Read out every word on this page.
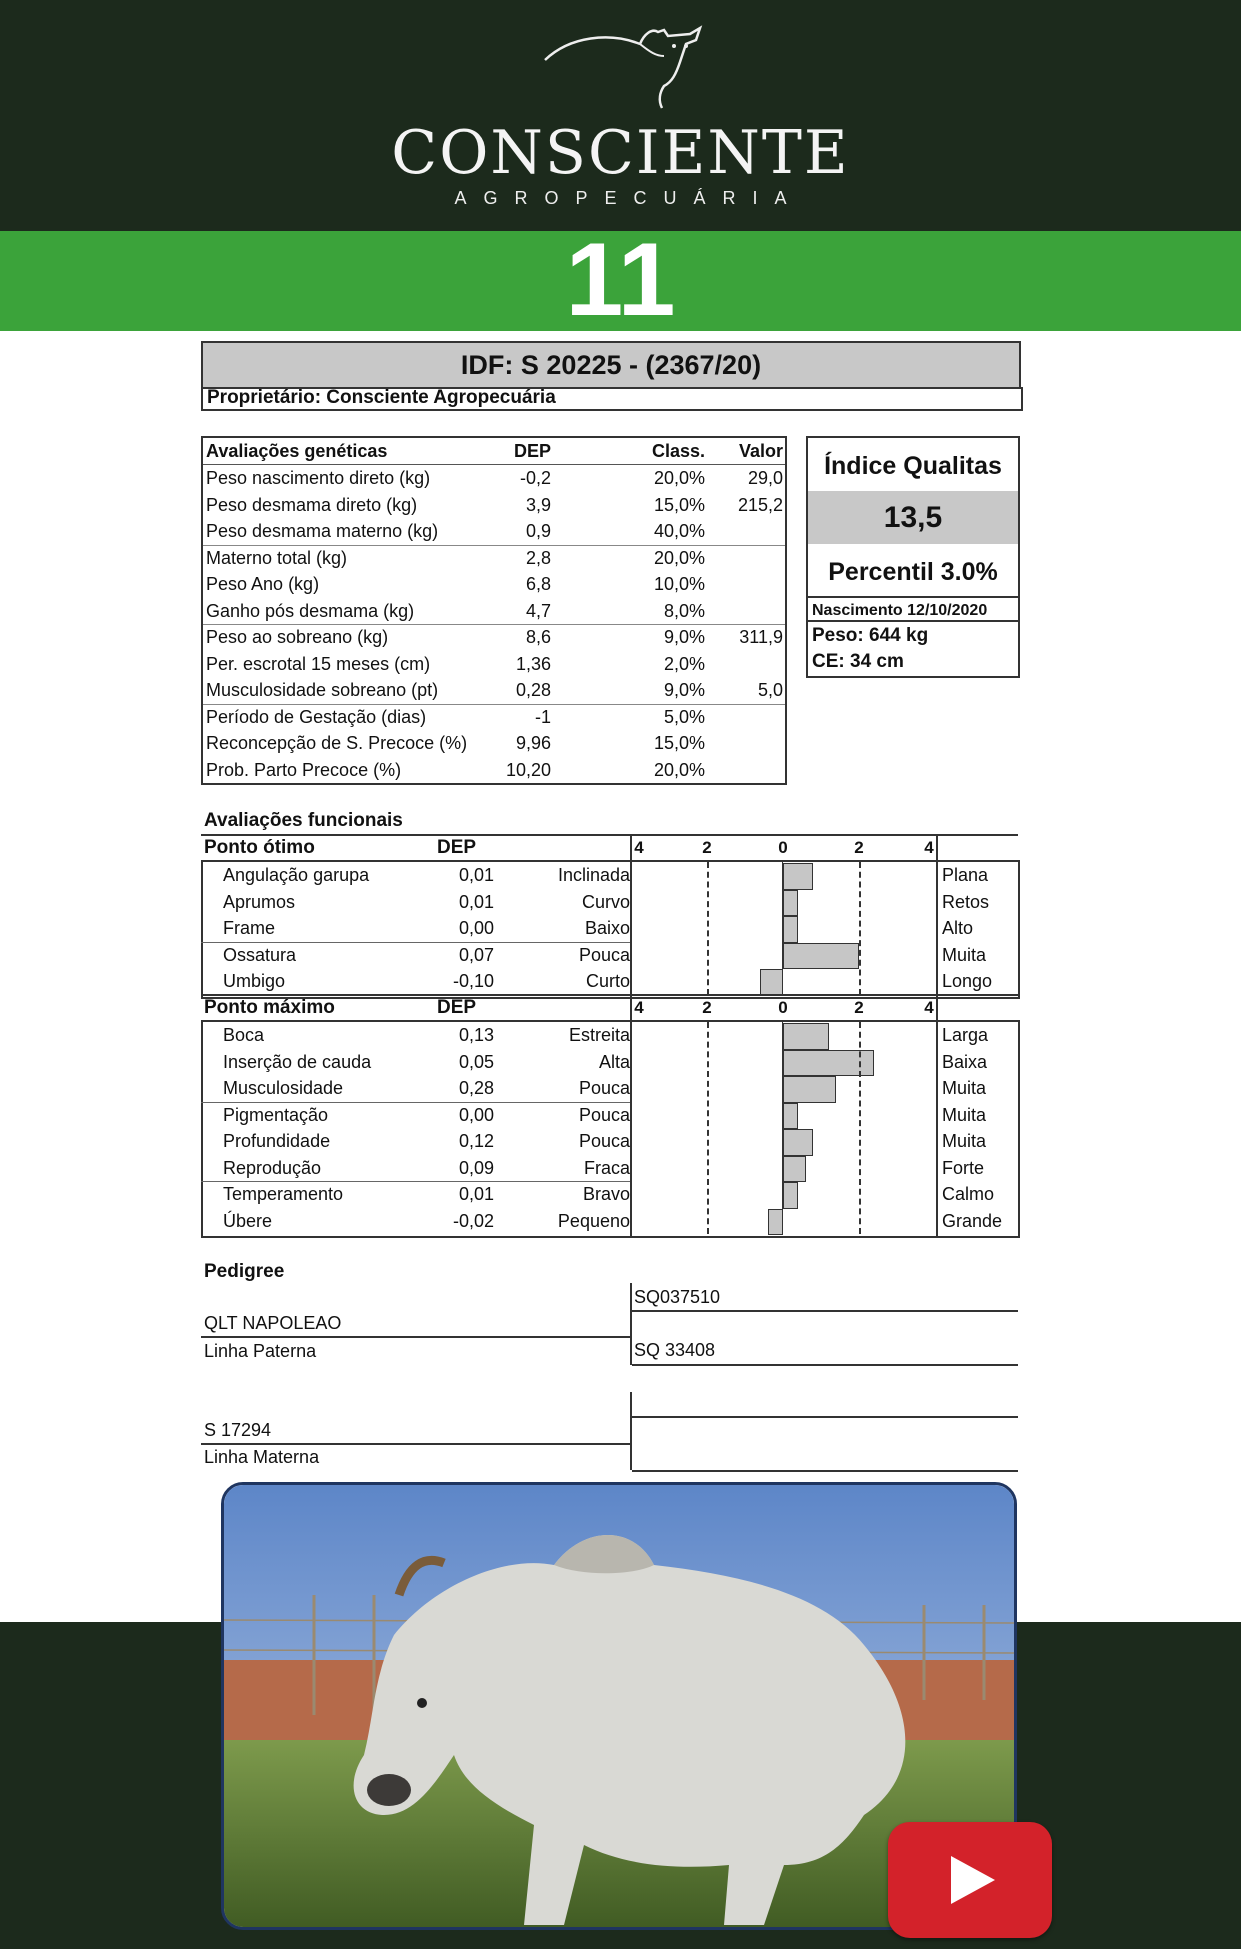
CONSCIENTE
AGROPECUÁRIA
11
IDF: S 20225 - (2367/20)
Proprietário: Consciente Agropecuária
Avaliações genéticas	DEP	Class. Valor
Peso nascimento direto (kg)	-0,2	20,0% 29,0
Peso desmama direto (kg)	3,9	15,0% 215,2
Peso desmama materno (kg)	0,9	40,0%
Materno total (kg)	2,8	20,0%
Peso Ano (kg)	6,8	10,0%
Ganho pós desmama (kg)	4,7	8,0%
Peso ao sobreano (kg)	8,6	9,0% 311,9
Per. escrotal 15 meses (cm)	1,36	2,0%
Musculosidade sobreano (pt)	0,28	9,0%	5,0
Período de Gestação (dias)	-1	5,0%
Reconcepção de S. Precoce (%)	9,96	15,0%
Prob. Parto Precoce (%)	10,20	20,0%
Índice Qualitas
13,5
Percentil 3.0%
Nascimento 12/10/2020
Peso: 644 kg
CE: 34 cm
Avaliações funcionais
Ponto ótimo	DEP	4	2	0	2	4
Angulação garupa	0,01	Inclinada	Plana
Aprumos	0,01	Curvo	Retos
Frame	0,00	Baixo	Alto
Ossatura	0,07	Pouca	Muita
Umbigo	-0,10	Curto	Longo
Ponto máximo	DEP	4	2	0	2	4
Boca	0,13	Estreita	Larga
Inserção de cauda	0,05	Alta	Baixa
Musculosidade	0,28	Pouca	Muita
Pigmentação	0,00	Pouca	Muita
Profundidade	0,12	Pouca	Muita
Reprodução	0,09	Fraca	Forte
Temperamento	0,01	Bravo	Calmo
Úbere	-0,02	Pequeno	Grande
Pedigree
SQ037510
QLT NAPOLEAO
Linha Paterna	SQ 33408
S 17294
Linha Materna
